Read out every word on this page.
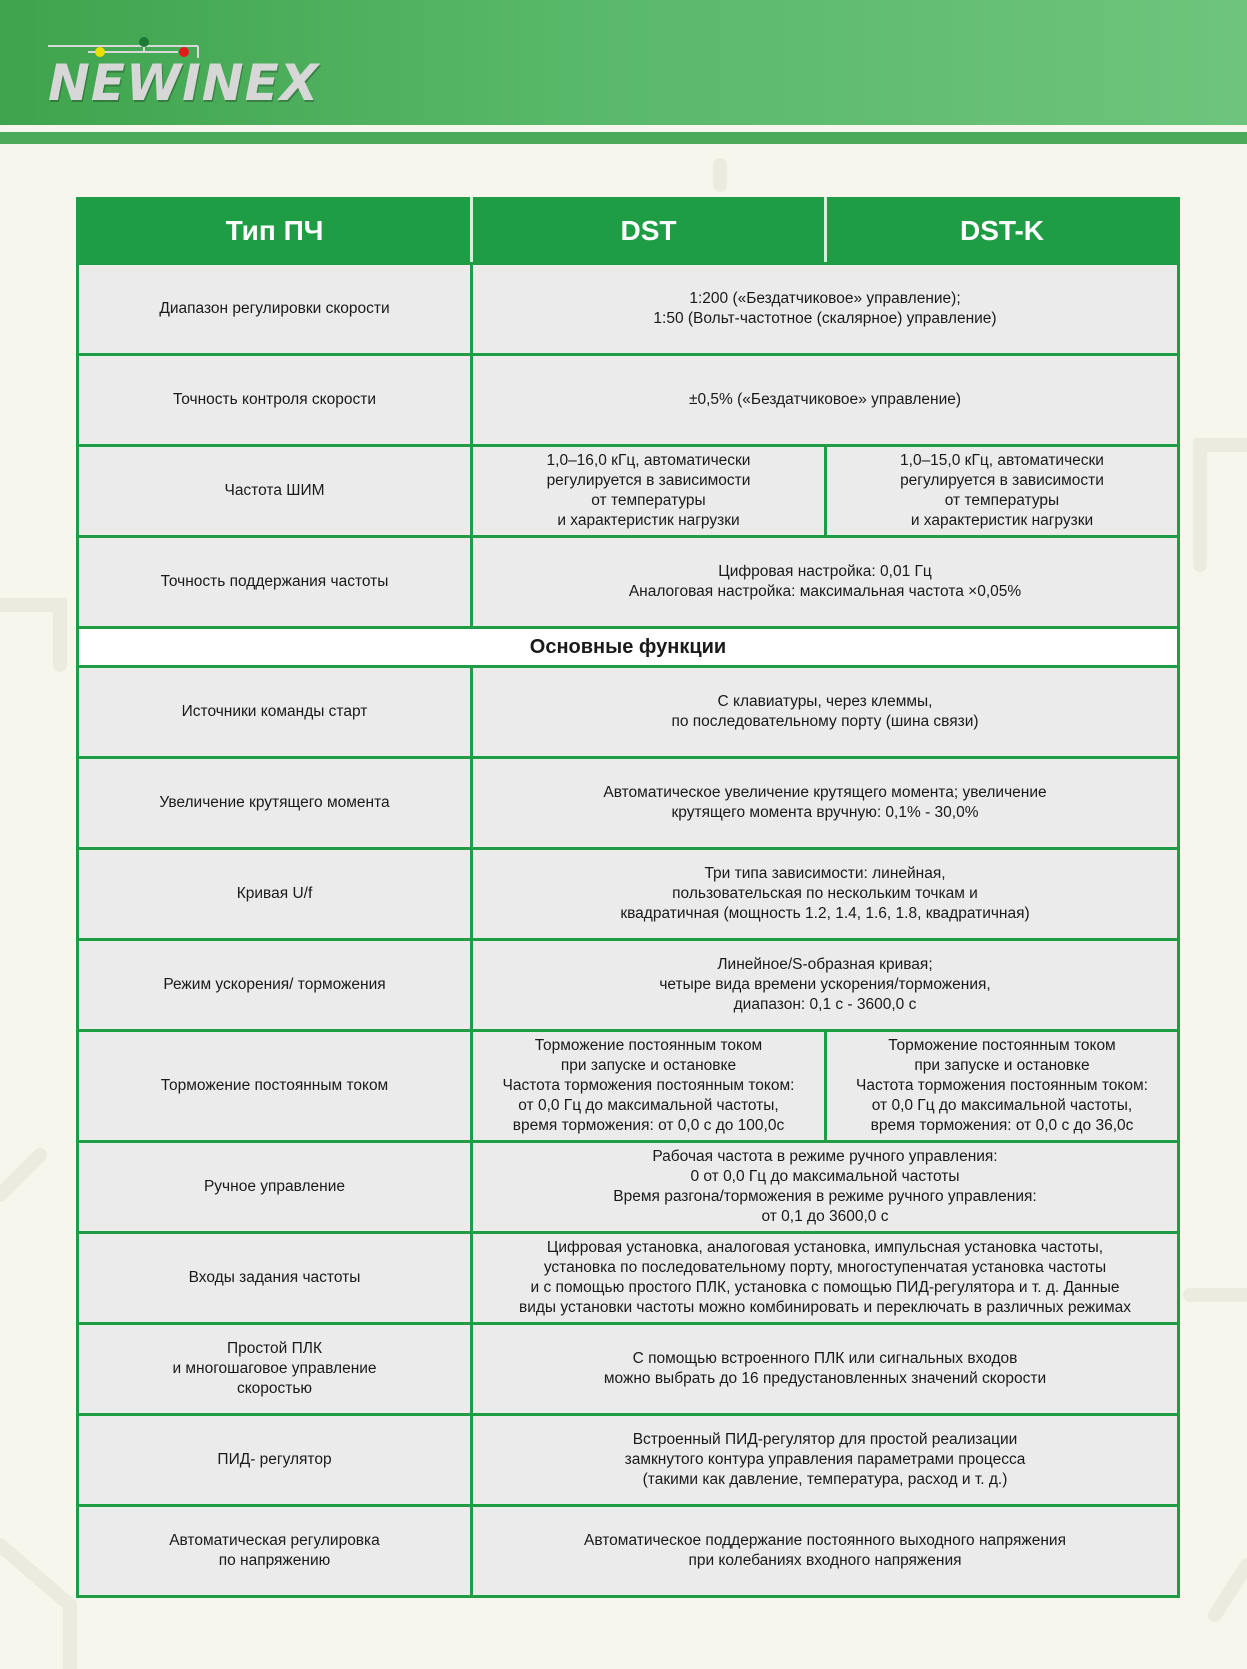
NEWINEX
Тип ПЧ	DST	DST-K
Диапазон регулировки скорости	1:200 («Бездатчиковое» управление);
1:50 (Вольт-частотное (скалярное) управление)	
Точность контроля скорости	±0,5% («Бездатчиковое» управление)	
Частота ШИМ	1,0–16,0 кГц, автоматически
регулируется в зависимости
от температуры
и характеристик нагрузки	1,0–15,0 кГц, автоматически
регулируется в зависимости
от температуры
и характеристик нагрузки
Точность поддержания частоты	Цифровая настройка: 0,01 Гц
Аналоговая настройка: максимальная частота ×0,05%	
Основные функции		
Источники команды старт	С клавиатуры, через клеммы,
по последовательному порту (шина связи)	
Увеличение крутящего момента	Автоматическое увеличение крутящего момента; увеличение
крутящего момента вручную: 0,1% - 30,0%	
Кривая U/f	Три типа зависимости: линейная,
пользовательская по нескольким точкам и
квадратичная (мощность 1.2, 1.4, 1.6, 1.8, квадратичная)	
Режим ускорения/ торможения	Линейное/S-образная кривая;
четыре вида времени ускорения/торможения,
диапазон: 0,1 с - 3600,0 с	
Торможение постоянным током	Торможение постоянным током
при запуске и остановке
Частота торможения постоянным током:
от 0,0 Гц до максимальной частоты,
время торможения: от 0,0 с до 100,0с	Торможение постоянным током
при запуске и остановке
Частота торможения постоянным током:
от 0,0 Гц до максимальной частоты,
время торможения: от 0,0 с до 36,0с
Ручное управление	Рабочая частота в режиме ручного управления:
0 от 0,0 Гц до максимальной частоты
Время разгона/торможения в режиме ручного управления:
от 0,1 до 3600,0 с	
Входы задания частоты	Цифровая установка, аналоговая установка, импульсная установка частоты,
установка по последовательному порту, многоступенчатая установка частоты
и с помощью простого ПЛК, установка с помощью ПИД-регулятора и т. д. Данные
виды установки частоты можно комбинировать и переключать в различных режимах	
Простой ПЛК
и многошаговое управление
скоростью	С помощью встроенного ПЛК или сигнальных входов
можно выбрать до 16 предустановленных значений скорости	
ПИД- регулятор	Встроенный ПИД-регулятор для простой реализации
замкнутого контура управления параметрами процесса
(такими как давление, температура, расход и т. д.)	
Автоматическая регулировка
по напряжению	Автоматическое поддержание постоянного выходного напряжения
при колебаниях входного напряжения	
